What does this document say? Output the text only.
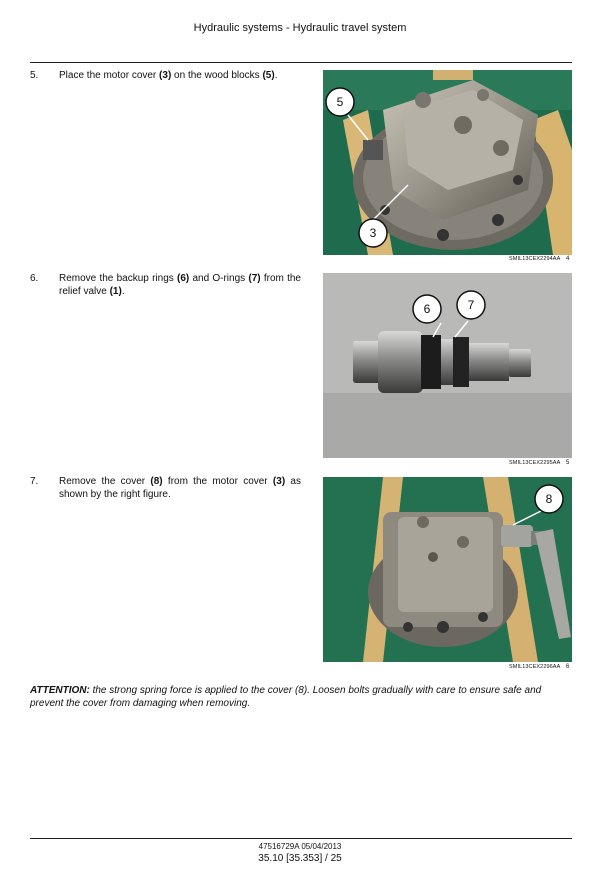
Hydraulic systems - Hydraulic travel system
5. Place the motor cover (3) on the wood blocks (5).
5
3
SMIL13CEX2294AA 4
6. Remove the backup rings (6) and O-rings (7) from the relief valve (1).
6	7
SMIL13CEX2295AA 5
7. Remove the cover (8) from the motor cover (3) as shown by the right figure.	8
SMIL13CEX2296AA 6
ATTENTION: the strong spring force is applied to the cover (8). Loosen bolts gradually with care to ensure safe and prevent the cover from damaging when removing.
47516729A 05/04/2013
35.10 [35.353] / 25
